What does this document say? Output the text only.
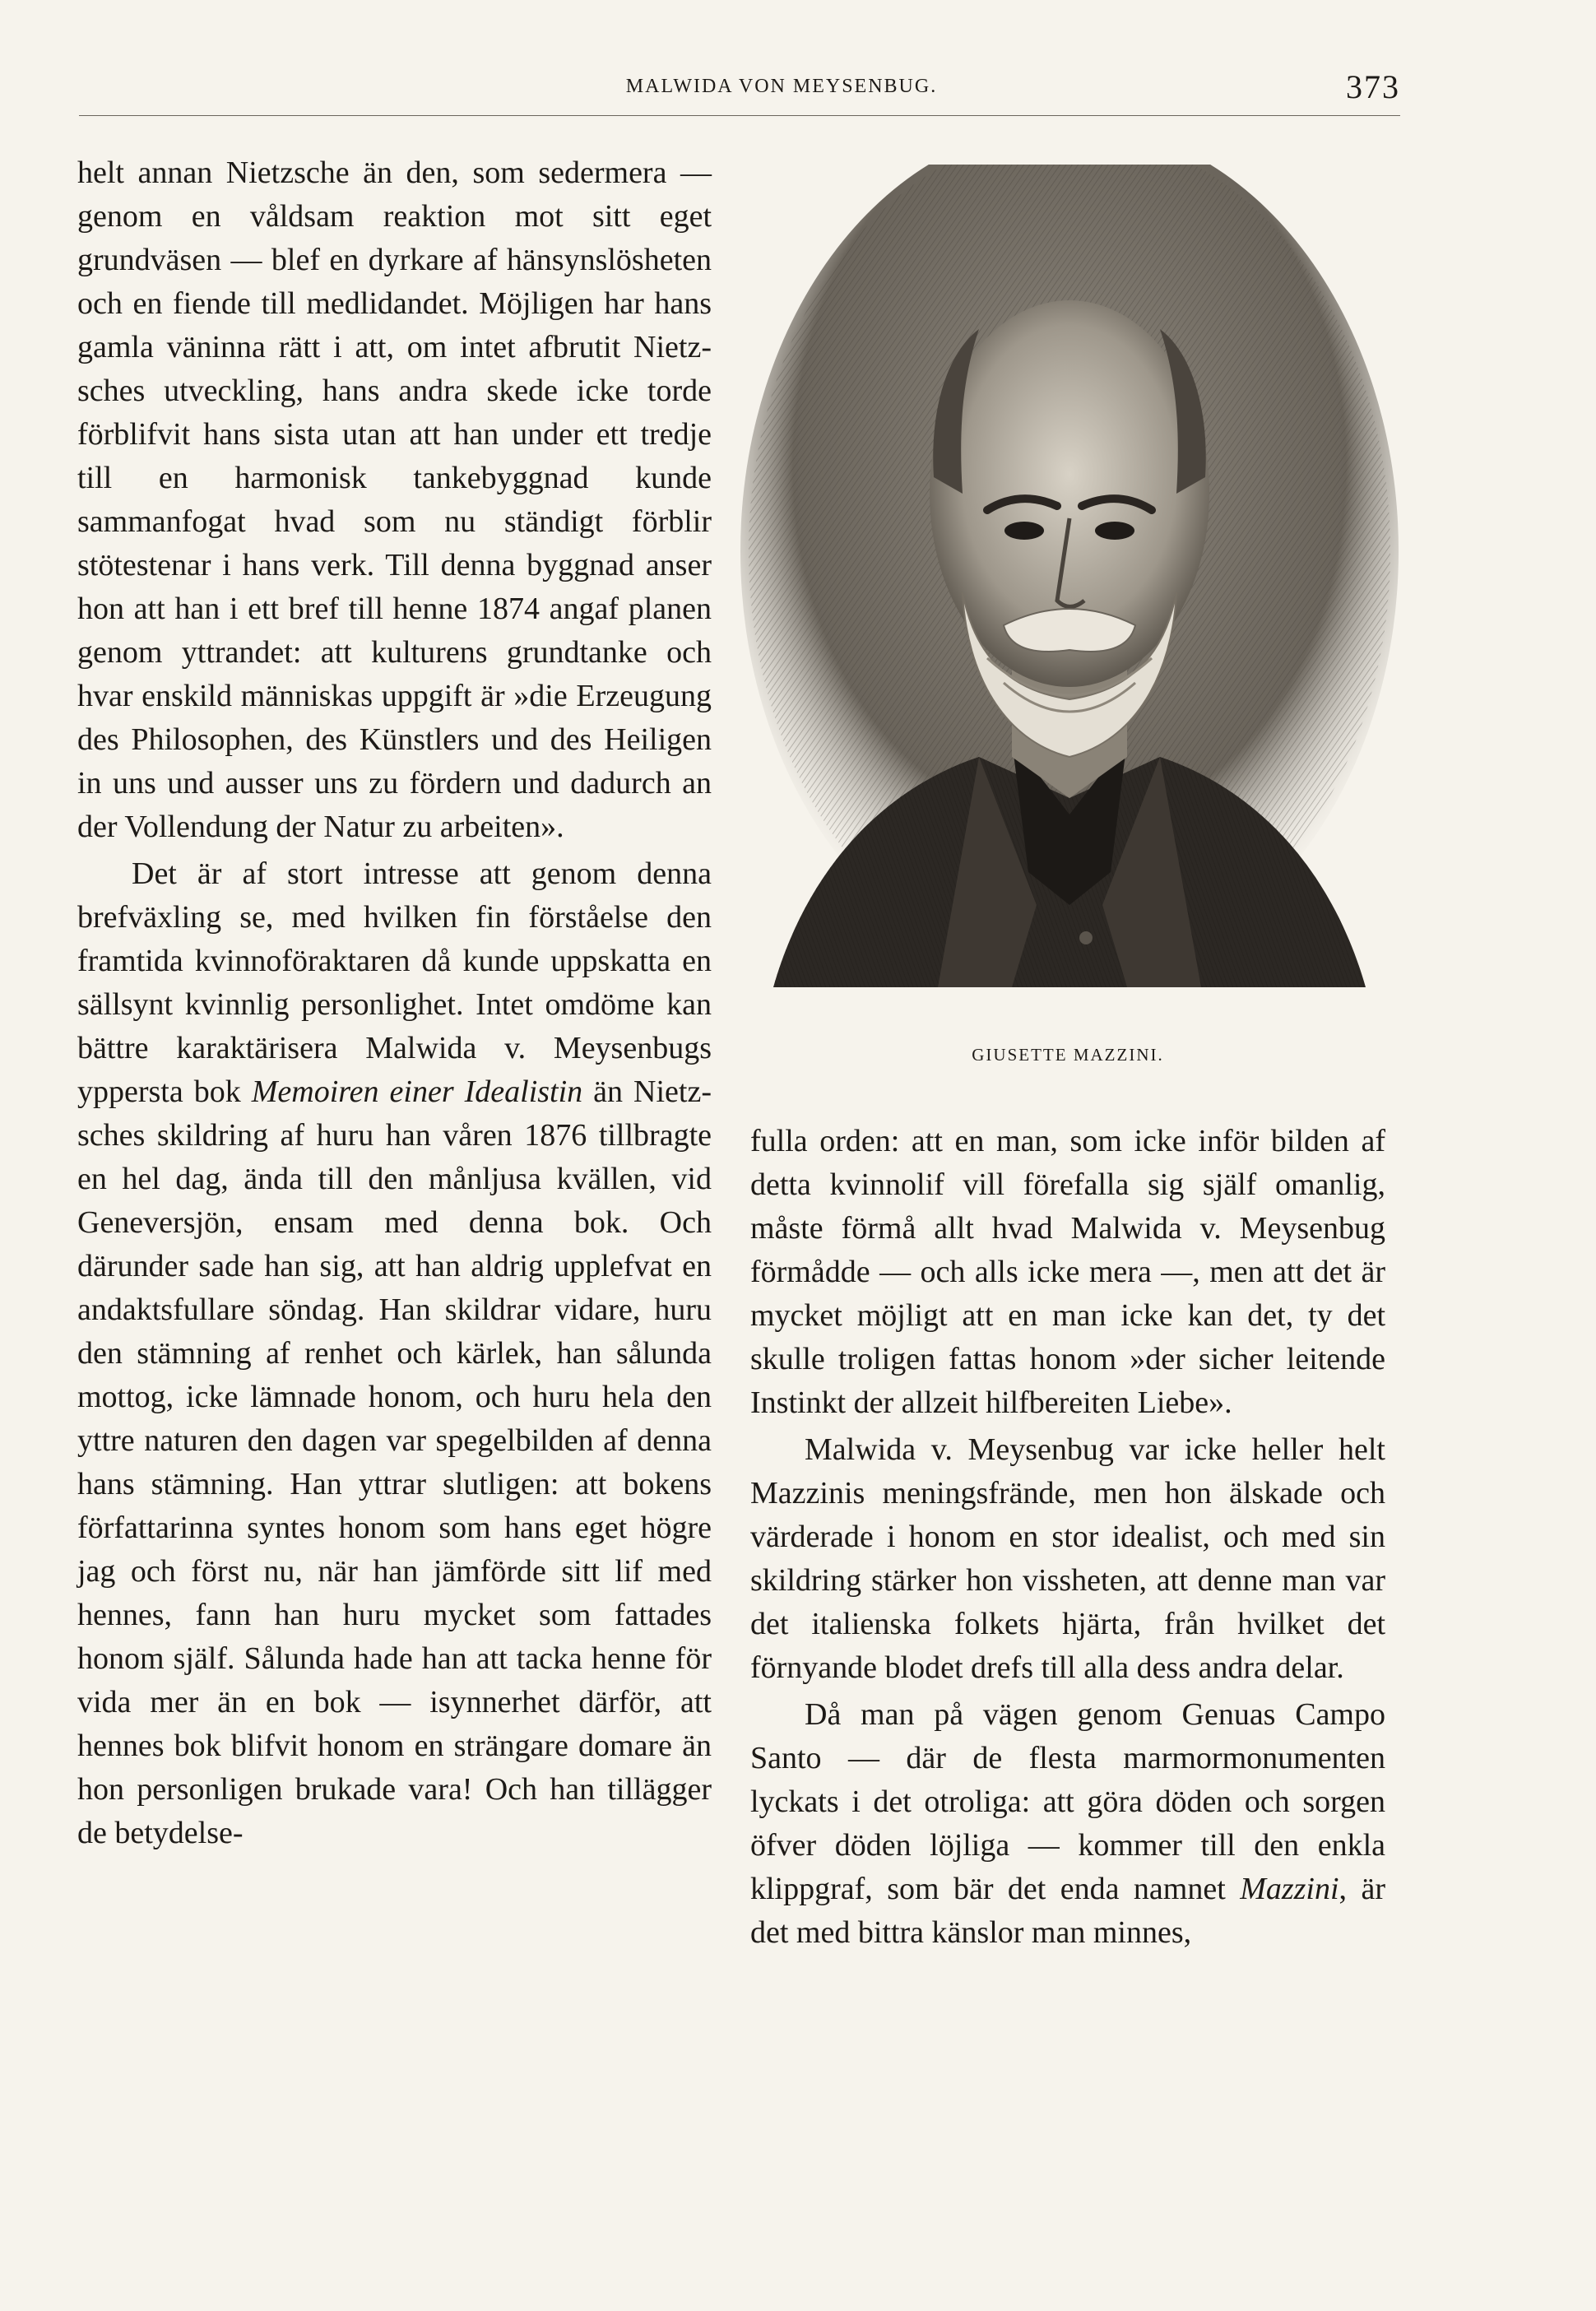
MALWIDA VON MEYSENBUG.	373

helt annan Nietzsche än den, som sedermera — genom en våldsam reaktion mot sitt eget grundväsen — blef en dyrkare af hänsynslösheten och en fiende till medlidandet. Möjligen har hans gamla väninna rätt i att, om intet afbrutit Nietzsches utveckling, hans andra skede icke torde förblifvit hans sista utan att han under ett tredje till en harmonisk tankebyggnad kunde sammanfogat hvad som nu ständigt förblir stötestenar i hans verk. Till denna byggnad anser hon att han i ett bref till henne 1874 angaf planen genom yttrandet: att kulturens grundtanke och hvar enskild människas uppgift är »die Erzeugung des Philosophen, des Künstlers und des Heiligen in uns und ausser uns zu fördern und dadurch an der Vollendung der Natur zu arbeiten».

Det är af stort intresse att genom denna brefväxling se, med hvilken fin förståelse den framtida kvinnoföraktaren då kunde uppskatta en sällsynt kvinnlig personlighet. Intet omdöme kan bättre karaktärisera Malwida v. Meysenbugs yppersta bok Memoiren einer Idealistin än Nietzsches skildring af huru han våren 1876 tillbragte en hel dag, ända till den månljusa kvällen, vid Geneversjön, ensam med denna bok. Och därunder sade han sig, att han aldrig upplefvat en andaktsfullare söndag. Han skildrar vidare, huru den stämning af renhet och kärlek, han sålunda mottog, icke lämnade honom, och huru hela den yttre naturen den dagen var spegelbilden af denna hans stämning. Han yttrar slutligen: att bokens författarinna syntes honom som hans eget högre jag och först nu, när han jämförde sitt lif med hennes, fann han huru mycket som fattades honom själf. Sålunda hade han att tacka henne för vida mer än en bok — isynnerhet därför, att hennes bok blifvit honom en strängare domare än hon personligen brukade vara! Och han tillägger de betydelse-

GIUSETTE MAZZINI.

fulla orden: att en man, som icke inför bilden af detta kvinnolif vill förefalla sig själf omanlig, måste förmå allt hvad Malwida v. Meysenbug förmådde — och alls icke mera —, men att det är mycket möjligt att en man icke kan det, ty det skulle troligen fattas honom »der sicher leitende Instinkt der allzeit hilfbereiten Liebe».

Malwida v. Meysenbug var icke heller helt Mazzinis meningsfrände, men hon älskade och värderade i honom en stor idealist, och med sin skildring stärker hon vissheten, att denne man var det italienska folkets hjärta, från hvilket det förnyande blodet drefs till alla dess andra delar.

Då man på vägen genom Genuas Campo Santo — där de flesta marmormonumenten lyckats i det otroliga: att göra döden och sorgen öfver döden löjliga — kommer till den enkla klippgraf, som bär det enda namnet Mazzini, är det med bittra känslor man minnes,
